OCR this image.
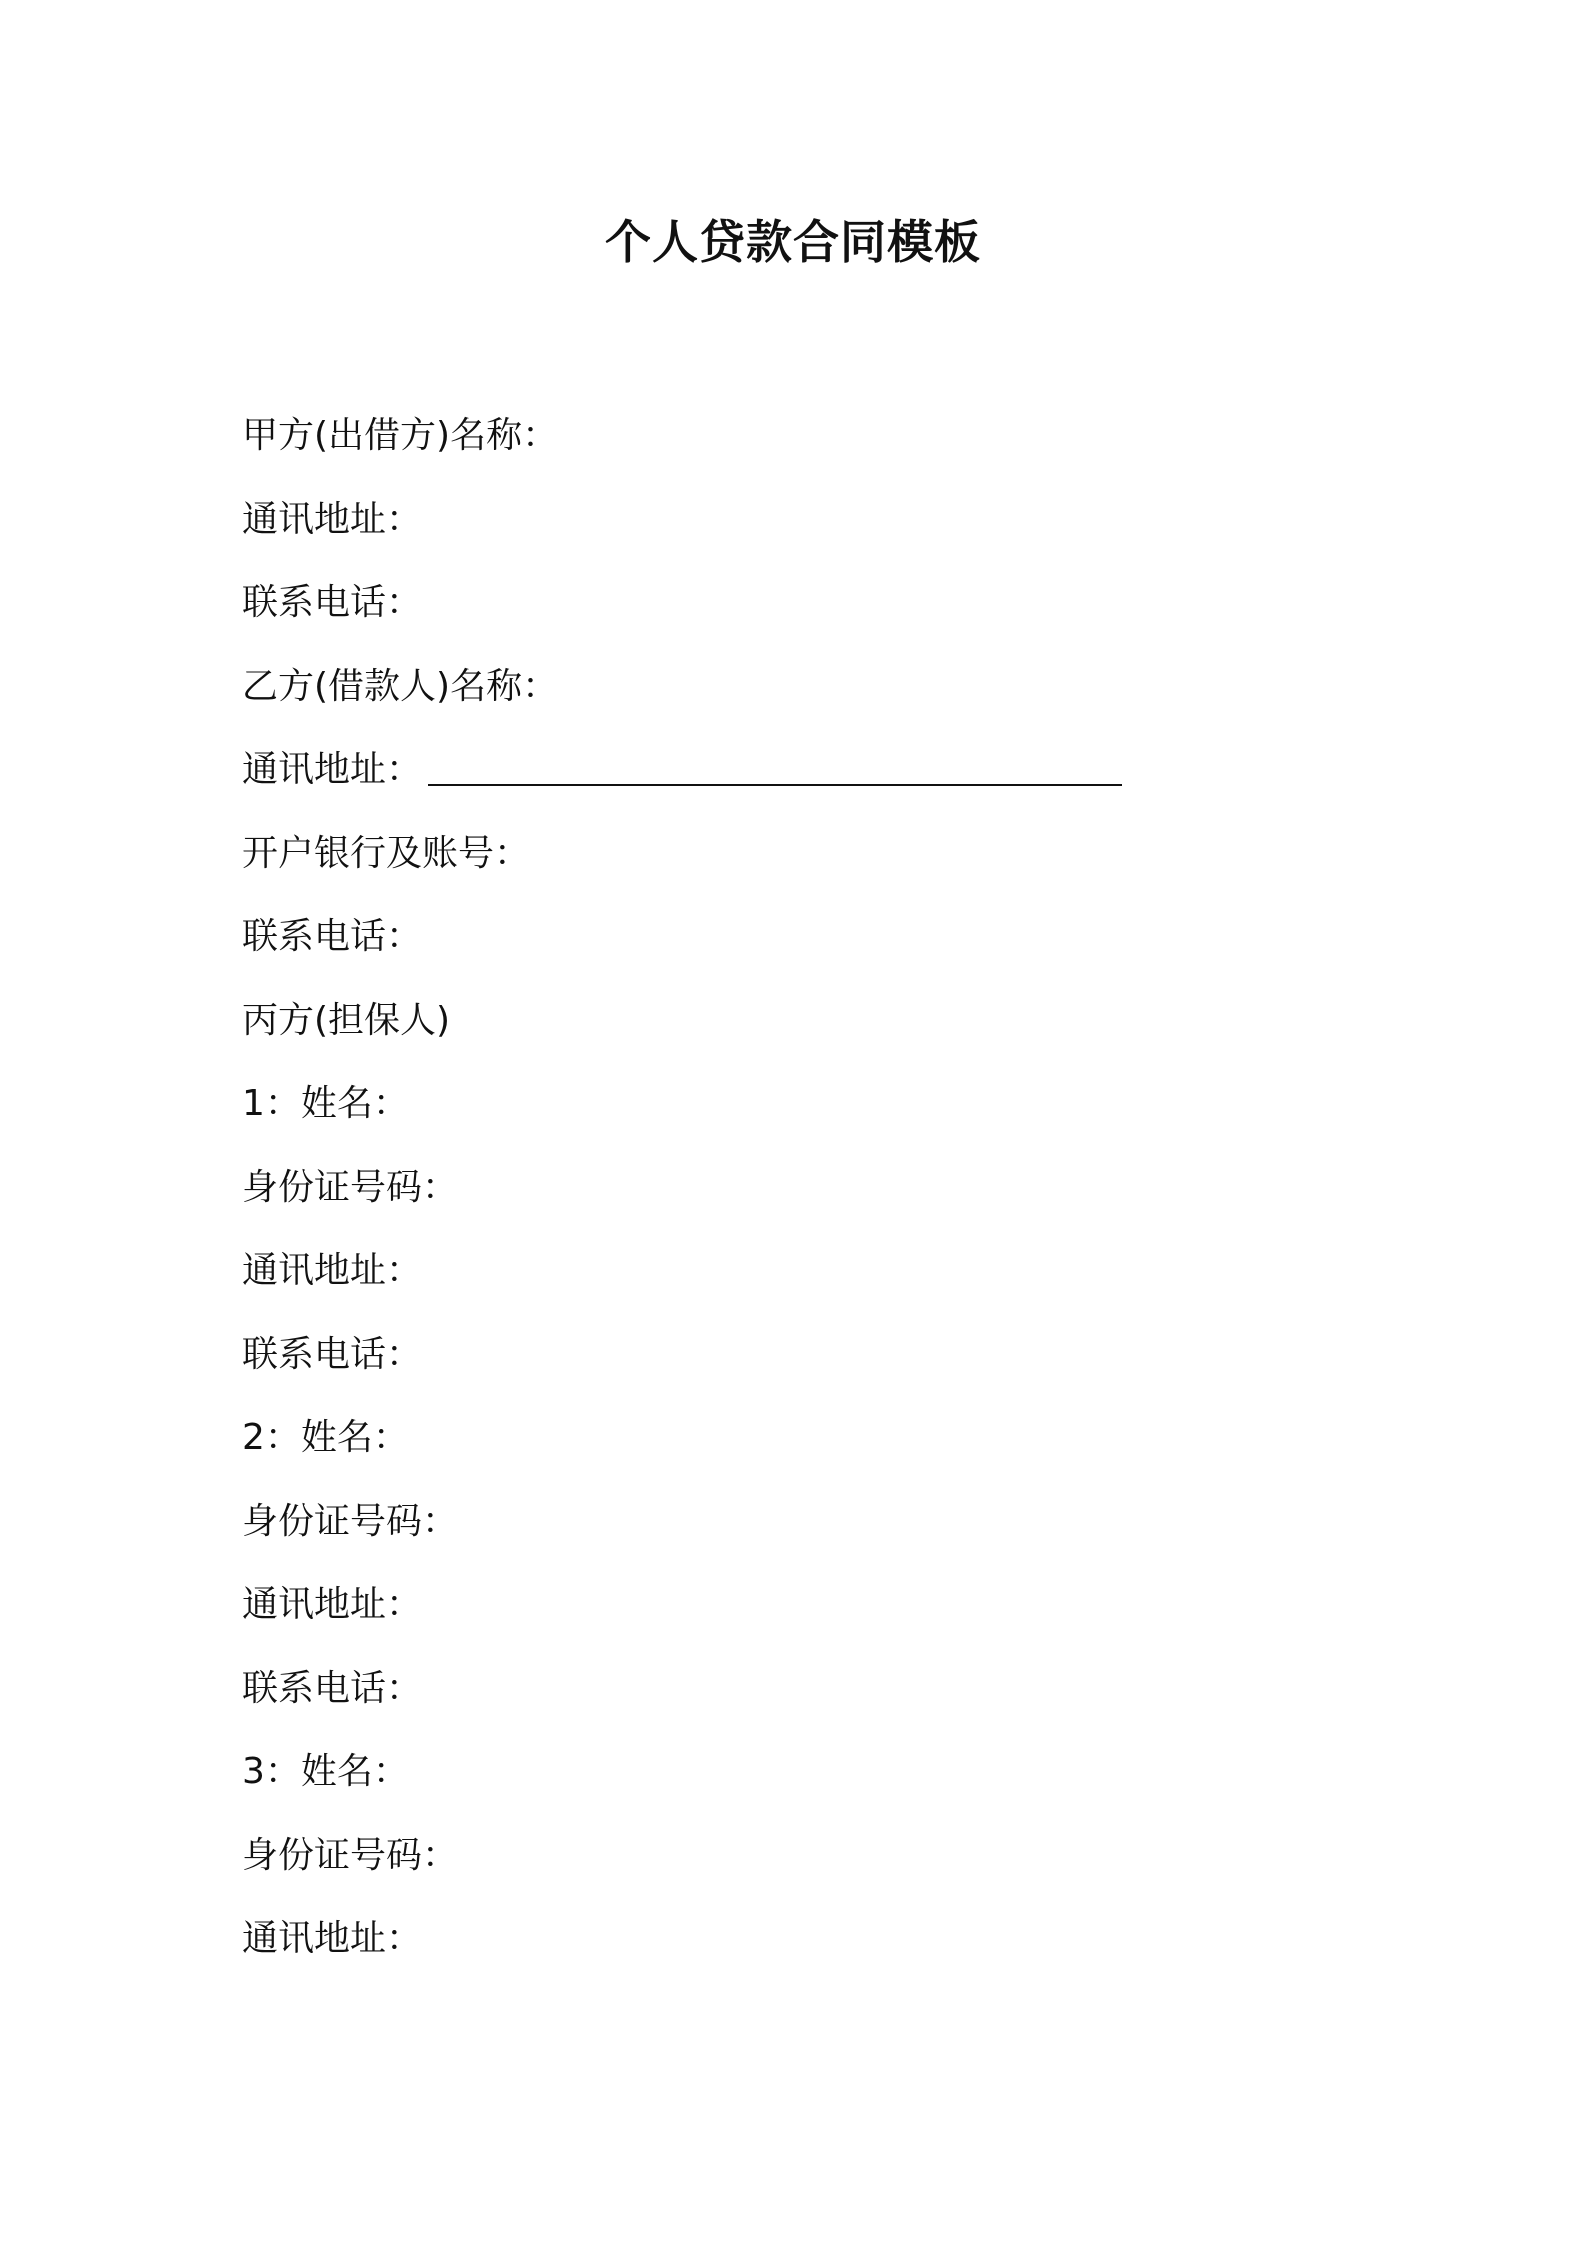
个人贷款合同模板
甲方(出借方)名称：
通讯地址：
联系电话：
乙方(借款人)名称：
通讯地址：
开户银行及账号：
联系电话：
丙方(担保人)
1：姓名：
身份证号码：
通讯地址：
联系电话：
2：姓名：
身份证号码：
通讯地址：
联系电话：
3：姓名：
身份证号码：
通讯地址：
